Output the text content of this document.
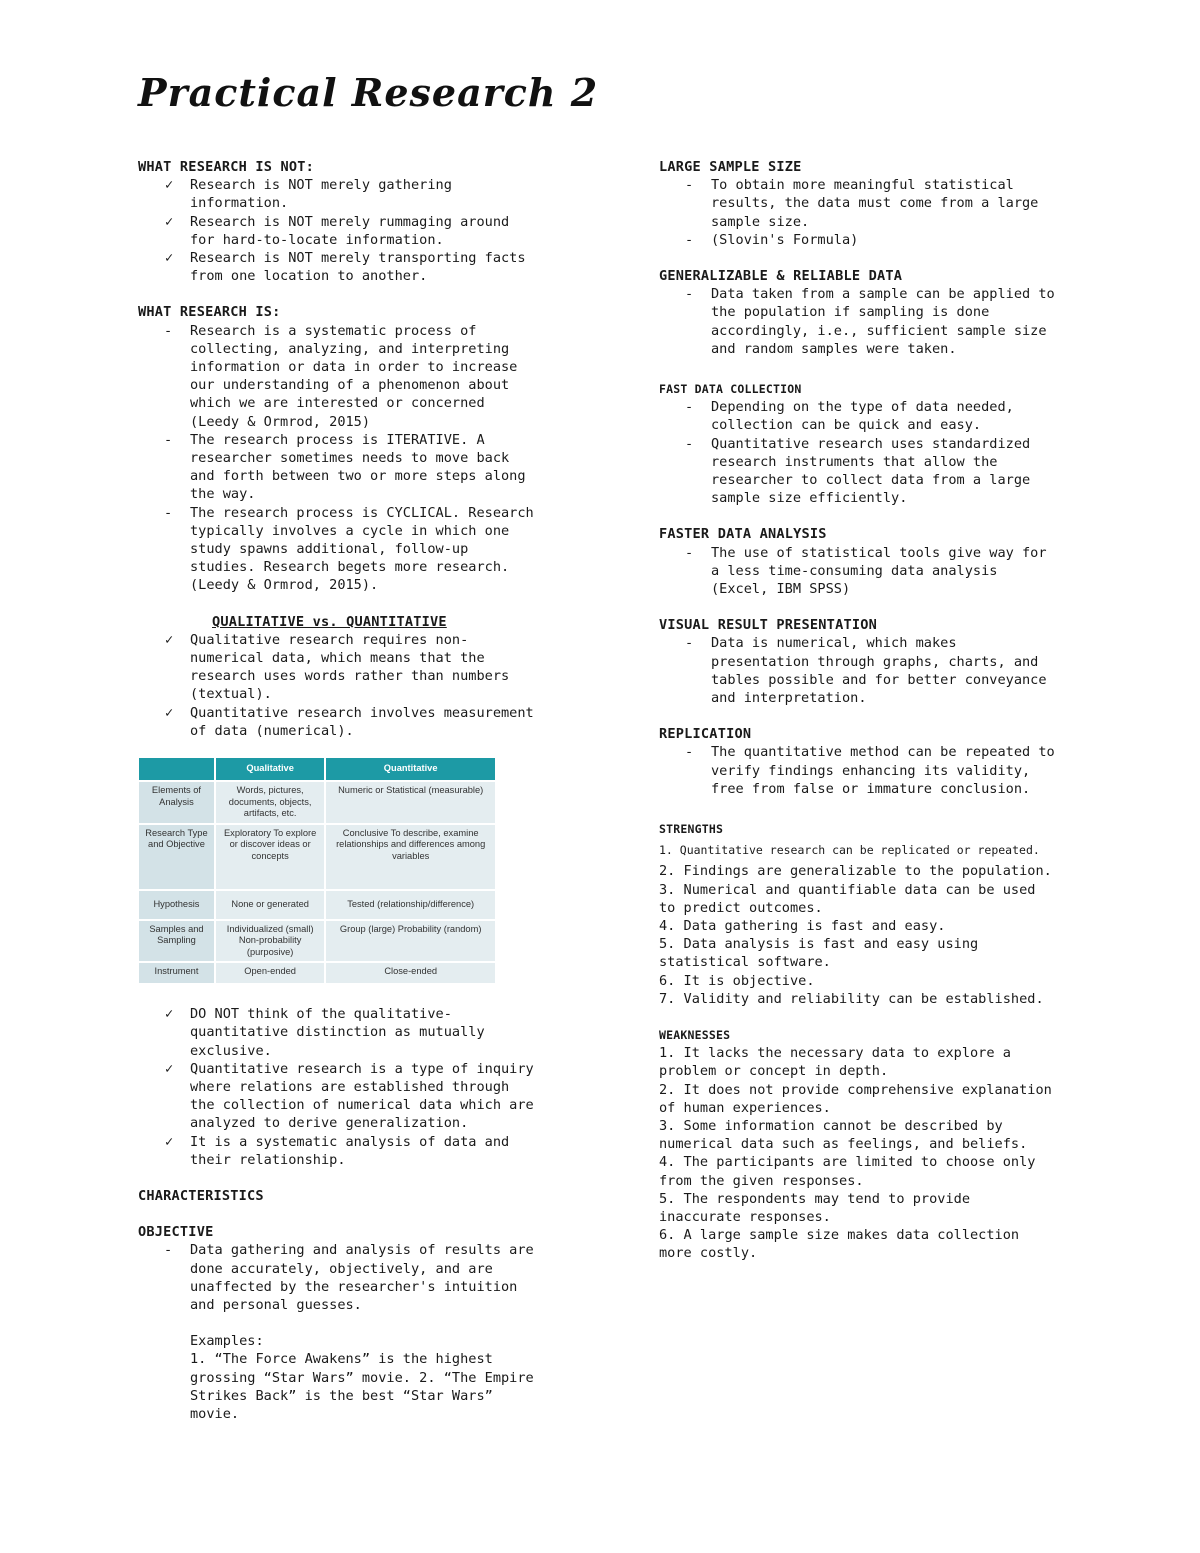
Practical Research 2

WHAT RESEARCH IS NOT:

✓ Research is NOT merely gathering information.
✓ Research is NOT merely rummaging around for hard-to-locate information.
✓ Research is NOT merely transporting facts from one location to another.

WHAT RESEARCH IS:

- Research is a systematic process of collecting, analyzing, and interpreting information or data in order to increase our understanding of a phenomenon about which we are interested or concerned (Leedy & Ormrod, 2015)
- The research process is ITERATIVE. A researcher sometimes needs to move back and forth between two or more steps along the way.
- The research process is CYCLICAL. Research typically involves a cycle in which one study spawns additional, follow-up studies. Research begets more research. (Leedy & Ormrod, 2015).

QUALITATIVE vs. QUANTITATIVE

✓ Qualitative research requires non-numerical data, which means that the research uses words rather than numbers (textual).
✓ Quantitative research involves measurement of data (numerical).
	Qualitative	Quantitative
Elements of Analysis	Words, pictures, documents, objects, artifacts, etc.	Numeric or Statistical (measurable)
Research Type and Objective	Exploratory To explore or discover ideas or concepts	Conclusive To describe, examine relationships and differences among variables
Hypothesis	None or generated	Tested (relationship/difference)
Samples and Sampling	Individualized (small) Non-probability (purposive)	Group (large) Probability (random)
Instrument	Open-ended	Close-ended
✓ DO NOT think of the qualitative-quantitative distinction as mutually exclusive.
✓ Quantitative research is a type of inquiry where relations are established through the collection of numerical data which are analyzed to derive generalization.
✓ It is a systematic analysis of data and their relationship.

CHARACTERISTICS

OBJECTIVE

- Data gathering and analysis of results are done accurately, objectively, and are unaffected by the researcher's intuition and personal guesses.

Examples:

1. “The Force Awakens” is the highest grossing “Star Wars” movie. 2. “The Empire Strikes Back” is the best “Star Wars” movie.

LARGE SAMPLE SIZE

- To obtain more meaningful statistical results, the data must come from a large sample size.
- (Slovin's Formula)

GENERALIZABLE & RELIABLE DATA

- Data taken from a sample can be applied to the population if sampling is done accordingly, i.e., sufficient sample size and random samples were taken.

FAST DATA COLLECTION

- Depending on the type of data needed, collection can be quick and easy.
- Quantitative research uses standardized research instruments that allow the researcher to collect data from a large sample size efficiently.

FASTER DATA ANALYSIS

- The use of statistical tools give way for a less time-consuming data analysis (Excel, IBM SPSS)

VISUAL RESULT PRESENTATION

- Data is numerical, which makes presentation through graphs, charts, and tables possible and for better conveyance and interpretation.

REPLICATION

- The quantitative method can be repeated to verify findings enhancing its validity, free from false or immature conclusion.

STRENGTHS

1. Quantitative research can be replicated or repeated.
2. Findings are generalizable to the population.
3. Numerical and quantifiable data can be used to predict outcomes.
4. Data gathering is fast and easy.
5. Data analysis is fast and easy using statistical software.
6. It is objective.
7. Validity and reliability can be established.

WEAKNESSES

1. It lacks the necessary data to explore a problem or concept in depth.
2. It does not provide comprehensive explanation of human experiences.
3. Some information cannot be described by numerical data such as feelings, and beliefs.
4. The participants are limited to choose only from the given responses.
5. The respondents may tend to provide inaccurate responses.
6. A large sample size makes data collection more costly.
